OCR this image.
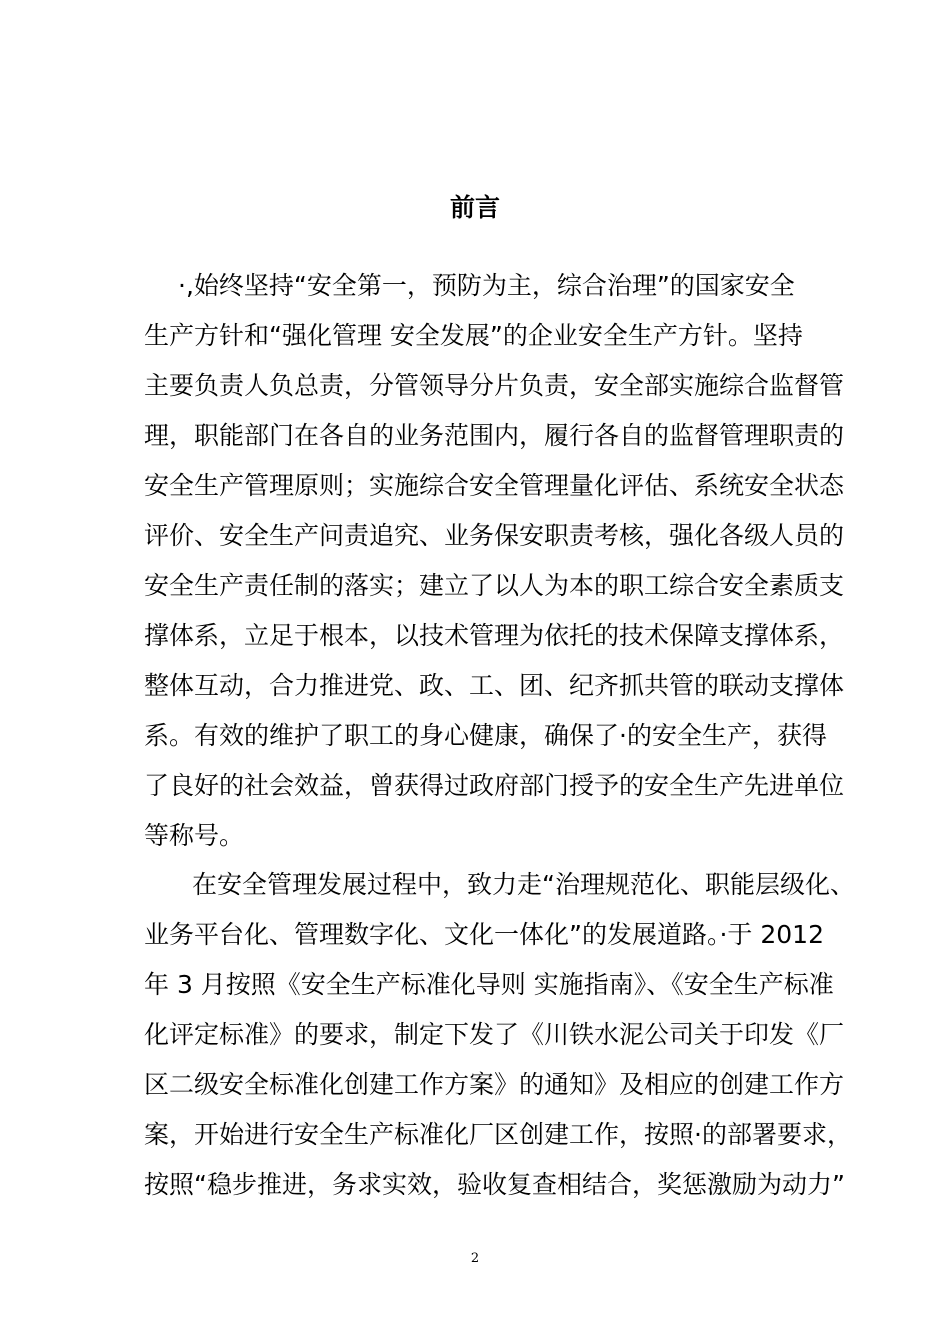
前言
·,始终坚持“安全第一，预防为主，综合治理”的国家安全
生产方针和“强化管理 安全发展”的企业安全生产方针。坚持
主要负责人负总责，分管领导分片负责，安全部实施综合监督管
理，职能部门在各自的业务范围内，履行各自的监督管理职责的
安全生产管理原则；实施综合安全管理量化评估、系统安全状态
评价、安全生产问责追究、业务保安职责考核，强化各级人员的
安全生产责任制的落实；建立了以人为本的职工综合安全素质支
撑体系，立足于根本，以技术管理为依托的技术保障支撑体系，
整体互动，合力推进党、政、工、团、纪齐抓共管的联动支撑体
系。有效的维护了职工的身心健康，确保了·的安全生产，获得
了良好的社会效益，曾获得过政府部门授予的安全生产先进单位
等称号。
在安全管理发展过程中，致力走“治理规范化、职能层级化、
业务平台化、管理数字化、文化一体化”的发展道路。·于 2012
年 3 月按照《安全生产标准化导则 实施指南》、《安全生产标准
化评定标准》的要求，制定下发了《川铁水泥公司关于印发《厂
区二级安全标准化创建工作方案》的通知》及相应的创建工作方
案，开始进行安全生产标准化厂区创建工作，按照·的部署要求，
按照“稳步推进，务求实效，验收复查相结合，奖惩激励为动力”
2
